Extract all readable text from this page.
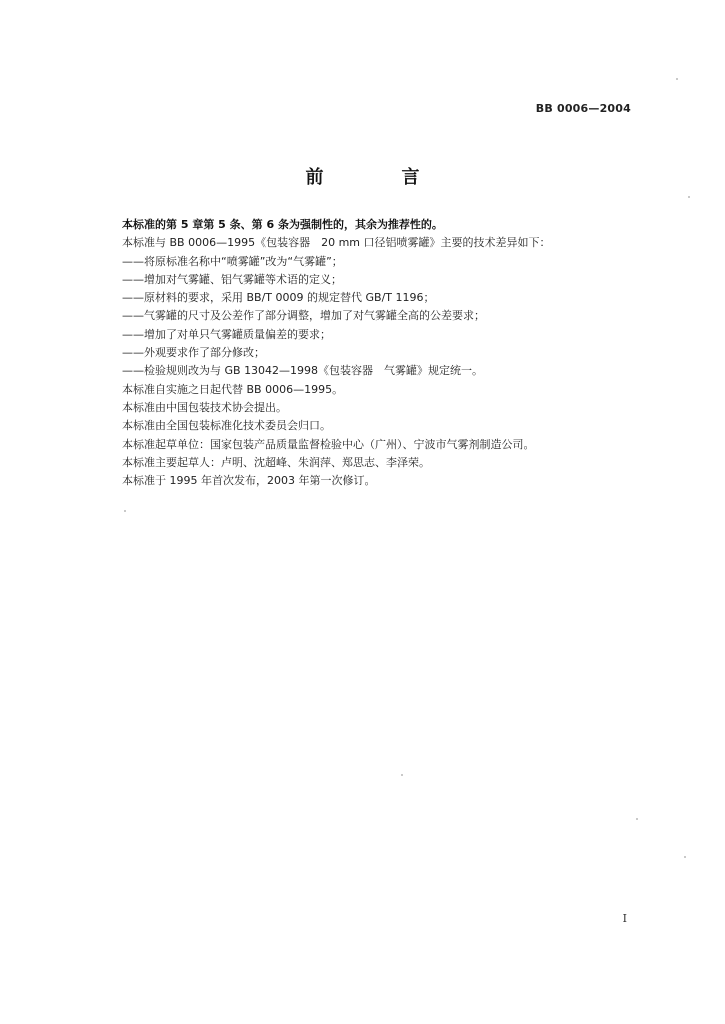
BB 0006—2004
前　言
本标准的第 5 章第 5 条、第 6 条为强制性的，其余为推荐性的。
本标准与 BB 0006—1995《包装容器　20 mm 口径铝喷雾罐》主要的技术差异如下：
——将原标准名称中“喷雾罐”改为“气雾罐”；
——增加对气雾罐、铝气雾罐等术语的定义；
——原材料的要求，采用 BB/T 0009 的规定替代 GB/T 1196；
——气雾罐的尺寸及公差作了部分调整，增加了对气雾罐全高的公差要求；
——增加了对单只气雾罐质量偏差的要求；
——外观要求作了部分修改；
——检验规则改为与 GB 13042—1998《包装容器　气雾罐》规定统一。
本标准自实施之日起代替 BB 0006—1995。
本标准由中国包装技术协会提出。
本标准由全国包装标准化技术委员会归口。
本标准起草单位：国家包装产品质量监督检验中心（广州）、宁波市气雾剂制造公司。
本标准主要起草人：卢明、沈超峰、朱润萍、郑思志、李泽荣。
本标准于 1995 年首次发布，2003 年第一次修订。
I
